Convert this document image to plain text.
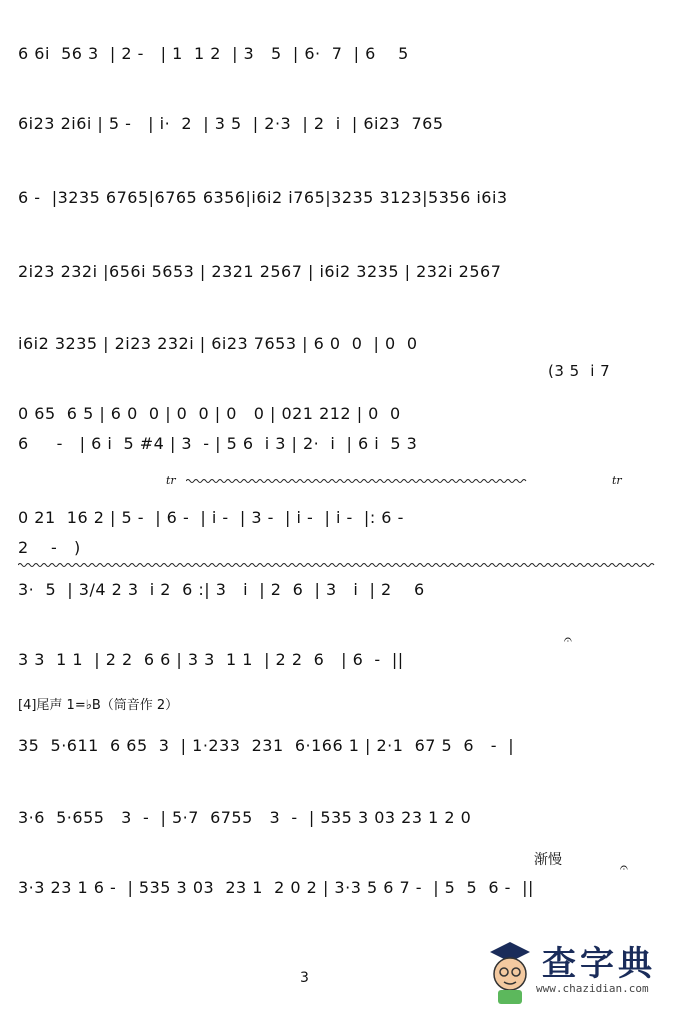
6 6i  56 3  | 2 -   | 1  1 2  | 3   5  | 6·  7  | 6    5
6i23 2i6i | 5 -   | i·  2  | 3 5  | 2·3  | 2  i  | 6i23  765
6 -  |3235 6765|6765 6356|i6i2 i765|3235 3123|5356 i6i3
2i23 232i |656i 5653 | 2321 2567 | i6i2 3235 | 232i 2567
i6i2 3235 | 2i23 232i | 6i23 7653 | 6 0  0  | 0  0
(3 5  i 7
0 65  6 5 | 6 0  0 | 0  0 | 0   0 | 021 212 | 0  0
6     -   | 6 i  5 #4 | 3  - | 5 6  i 3 | 2·  i  | 6 i  5 3
0 21  16 2 | 5 -  | 6 -  | i -  | 3 -  | i -  | i -  |: 6 -
2    -   )
3·  5  | 3/4 2 3  i 2  6 :| 3   i  | 2  6  | 3   i  | 2    6
3 3  1 1  | 2 2  6 6 | 3 3  1 1  | 2 2  6   | 6  -  ||
[4]尾声 1=♭B（筒音作 2）
35  5·611  6 65  3  | 1·233  231  6·166 1 | 2·1  67 5  6   -  |
3·6  5·655   3  -  | 5·7  6755   3  -  | 535 3 03 23 1 2 0
渐慢
3·3 23 1 6 -  | 535 3 03  23 1  2 0 2 | 3·3 5 6 7 -  | 5  5  6 -  ||
tr	tr
𝄐
𝄐
3	查字典
www.chazidian.com
